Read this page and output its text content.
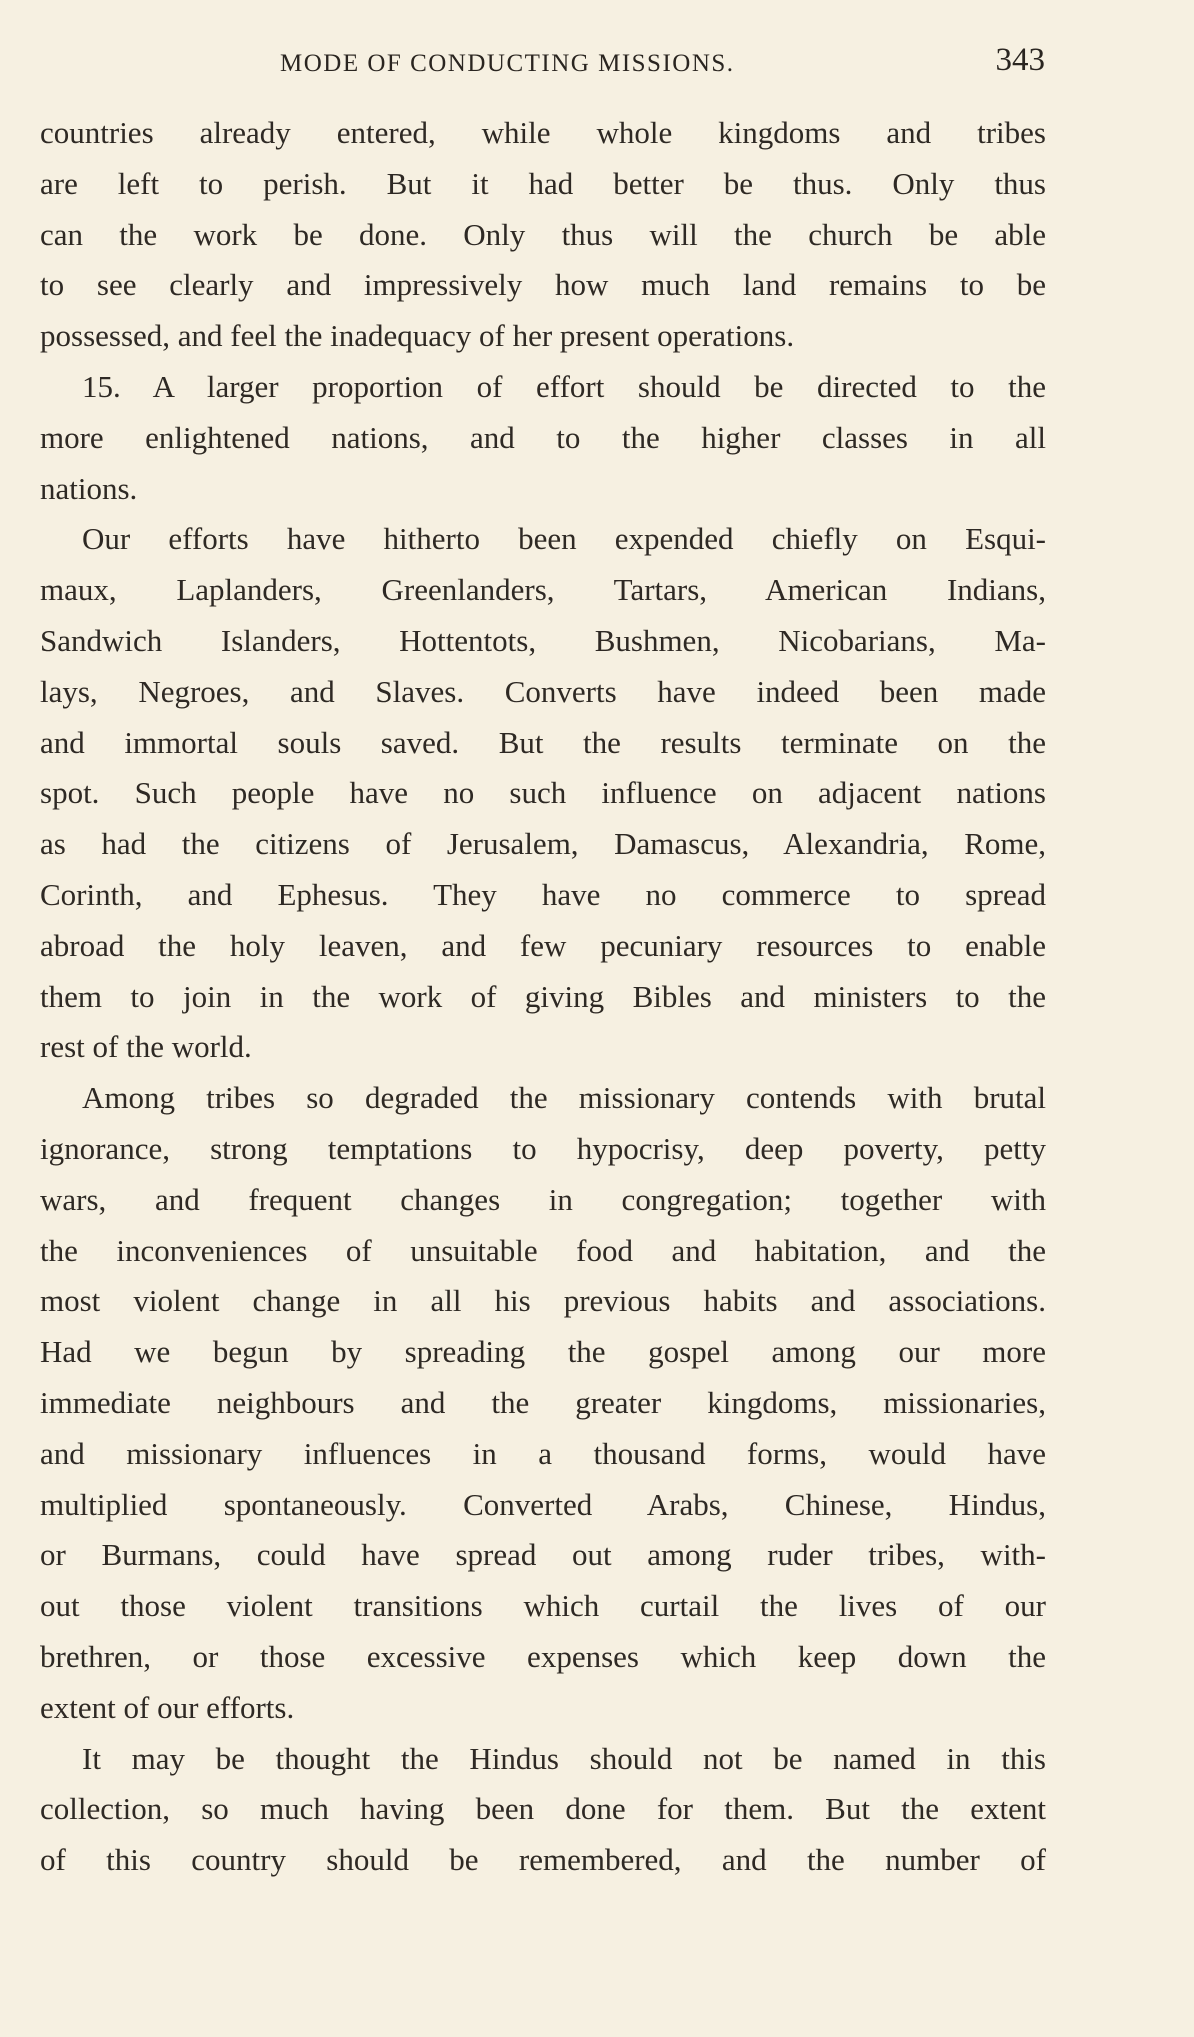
MODE OF CONDUCTING MISSIONS.	343
countries already entered, while whole kingdoms and tribes
are left to perish. But it had better be thus. Only thus
can the work be done. Only thus will the church be able
to see clearly and impressively how much land remains to be
possessed, and feel the inadequacy of her present operations.
15. A larger proportion of effort should be directed to the
more enlightened nations, and to the higher classes in all
nations.
Our efforts have hitherto been expended chiefly on Esqui-
maux, Laplanders, Greenlanders, Tartars, American Indians,
Sandwich Islanders, Hottentots, Bushmen, Nicobarians, Ma-
lays, Negroes, and Slaves. Converts have indeed been made
and immortal souls saved. But the results terminate on the
spot. Such people have no such influence on adjacent nations
as had the citizens of Jerusalem, Damascus, Alexandria, Rome,
Corinth, and Ephesus. They have no commerce to spread
abroad the holy leaven, and few pecuniary resources to enable
them to join in the work of giving Bibles and ministers to the
rest of the world.
Among tribes so degraded the missionary contends with brutal
ignorance, strong temptations to hypocrisy, deep poverty, petty
wars, and frequent changes in congregation; together with
the inconveniences of unsuitable food and habitation, and the
most violent change in all his previous habits and associations.
Had we begun by spreading the gospel among our more
immediate neighbours and the greater kingdoms, missionaries,
and missionary influences in a thousand forms, would have
multiplied spontaneously. Converted Arabs, Chinese, Hindus,
or Burmans, could have spread out among ruder tribes, with-
out those violent transitions which curtail the lives of our
brethren, or those excessive expenses which keep down the
extent of our efforts.
It may be thought the Hindus should not be named in this
collection, so much having been done for them. But the extent
of this country should be remembered, and the number of
